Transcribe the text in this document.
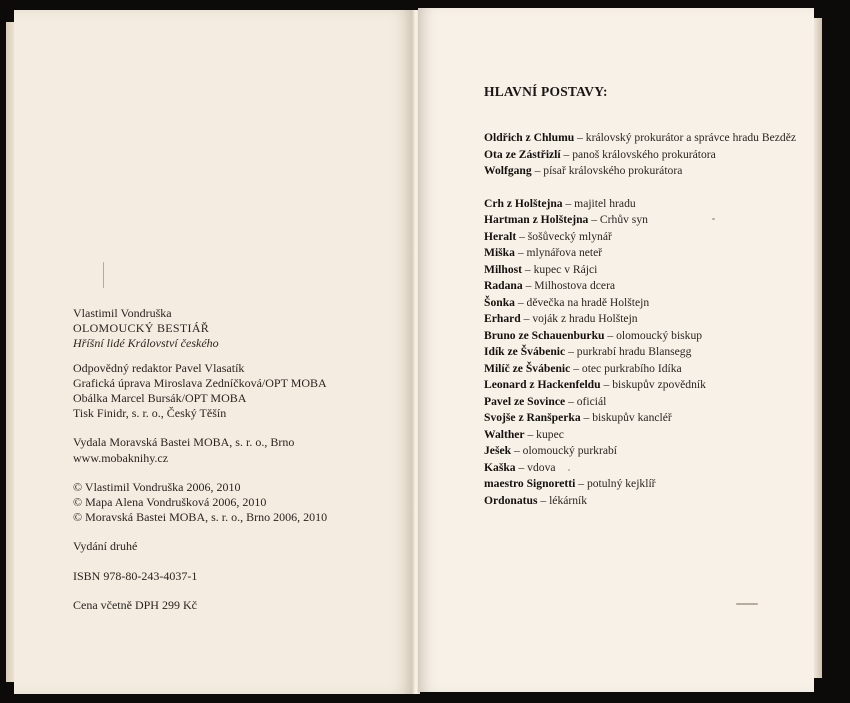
Vlastimil Vondruška
OLOMOUCKÝ BESTIÁŘ
Hříšní lidé Království českého
Odpovědný redaktor Pavel Vlasatík
Grafická úprava Miroslava Zedníčková/OPT MOBA
Obálka Marcel Bursák/OPT MOBA
Tisk Finidr, s. r. o., Český Těšín
Vydala Moravská Bastei MOBA, s. r. o., Brno
www.mobaknihy.cz
© Vlastimil Vondruška 2006, 2010
© Mapa Alena Vondrušková 2006, 2010
© Moravská Bastei MOBA, s. r. o., Brno 2006, 2010
Vydání druhé
ISBN 978-80-243-4037-1
Cena včetně DPH 299 Kč
HLAVNÍ POSTAVY:
Oldřich z Chlumu – královský prokurátor a správce hradu Bezděz
Ota ze Zástřizlí – panoš královského prokurátora
Wolfgang – písař královského prokurátora
Crh z Holštejna – majitel hradu
Hartman z Holštejna – Crhův syn
Heralt – šošůvecký mlynář
Miška – mlynářova neteř
Milhost – kupec v Rájci
Radana – Milhostova dcera
Šonka – děvečka na hradě Holštejn
Erhard – voják z hradu Holštejn
Bruno ze Schauenburku – olomoucký biskup
Idík ze Švábenic – purkrabí hradu Blansegg
Milíč ze Švábenic – otec purkrabího Idíka
Leonard z Hackenfeldu – biskupův zpovědník
Pavel ze Sovince – oficiál
Svojše z Ranšperka – biskupův kancléř
Walther – kupec
Ješek – olomoucký purkrabí
Kaška – vdova
maestro Signoretti – potulný kejklíř
Ordonatus – lékárník
